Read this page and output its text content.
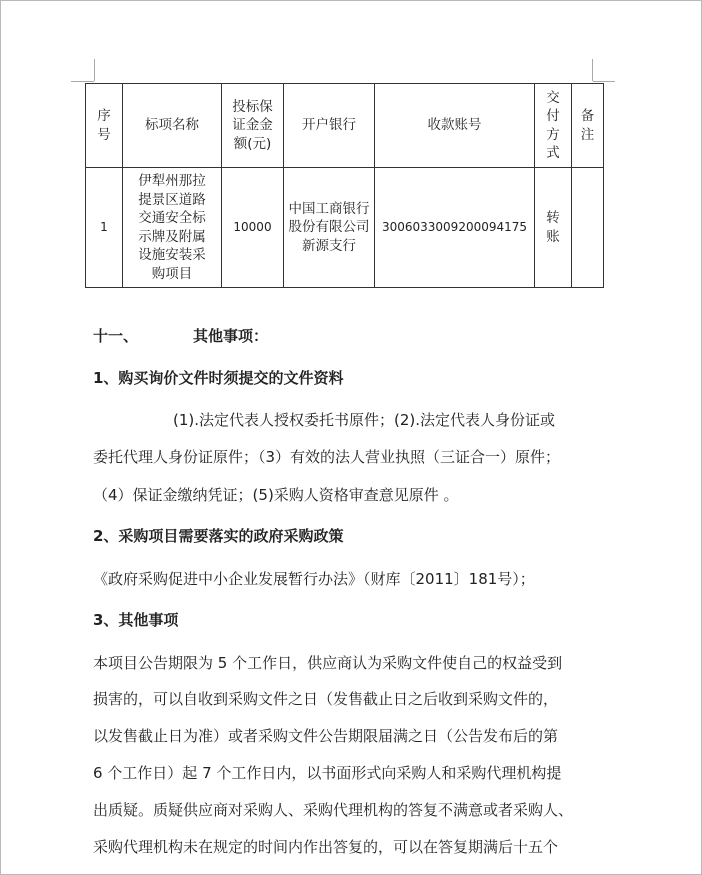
序号	标项名称	投标保证金金额(元)	开户银行	收款账号	交付方式	备注
1	伊犁州那拉提景区道路交通安全标示牌及附属设施安装采购项目	10000	中国工商银行股份有限公司新源支行	3006033009200094175	转账	
十一、	其他事项：
1、购买询价文件时须提交的文件资料
(1).法定代表人授权委托书原件；(2).法定代表人身份证或
委托代理人身份证原件；（3）有效的法人营业执照（三证合一）原件；
（4）保证金缴纳凭证；(5)采购人资格审查意见原件 。
2、采购项目需要落实的政府采购政策
《政府采购促进中小企业发展暂行办法》（财库〔2011〕181号）；
3、其他事项
本项目公告期限为 5 个工作日，供应商认为采购文件使自己的权益受到
损害的，可以自收到采购文件之日（发售截止日之后收到采购文件的，
以发售截止日为准）或者采购文件公告期限届满之日（公告发布后的第
6 个工作日）起 7 个工作日内，以书面形式向采购人和采购代理机构提
出质疑。质疑供应商对采购人、采购代理机构的答复不满意或者采购人、
采购代理机构未在规定的时间内作出答复的，可以在答复期满后十五个
